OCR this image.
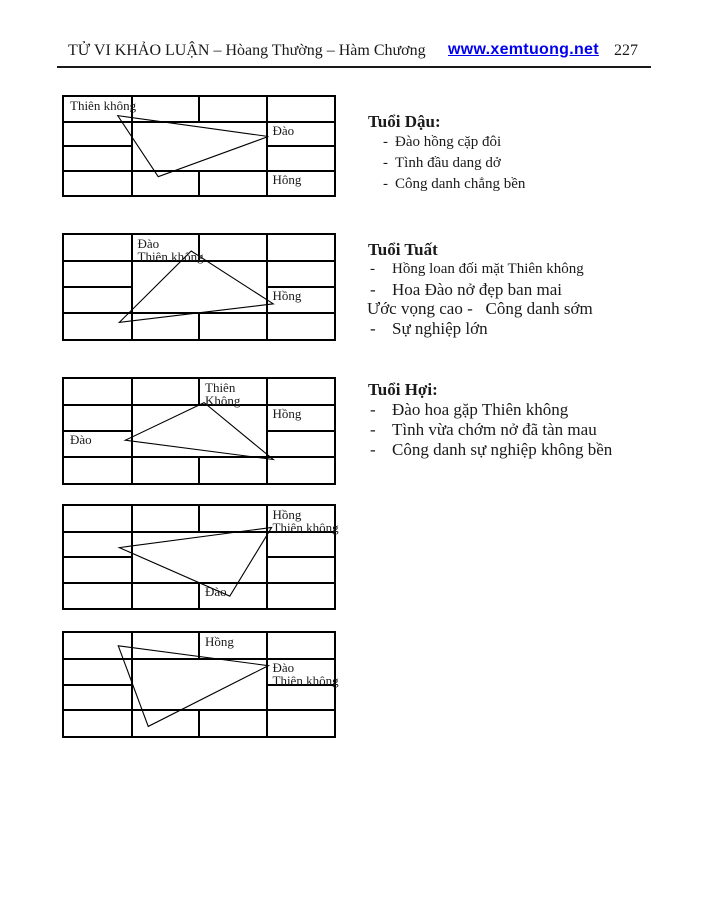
TỬ VI KHẢO LUẬN – Hòang Thường – Hàm Chương www.xemtuong.net 227
Thiên không
Đào
Hông
Đào
Thiên không
Hồng
Thiên
Không
Hồng
Đào
Hồng
Thiên không
Đào
Hồng
Đào
Thiên không
Tuổi Dậu:
- Đào hồng cặp đôi
- Tình đầu dang dở
- Công danh chẳng bền
Tuổi Tuất
-	Hồng loan đối mặt Thiên không
- Hoa Đào nở đẹp ban mai
Ước vọng cao -   Công danh sớm
- Sự nghiệp lớn
Tuổi Hợi:
- Đào hoa gặp Thiên không
- Tình vừa chớm nở đã tàn mau
- Công danh sự nghiệp không bền
